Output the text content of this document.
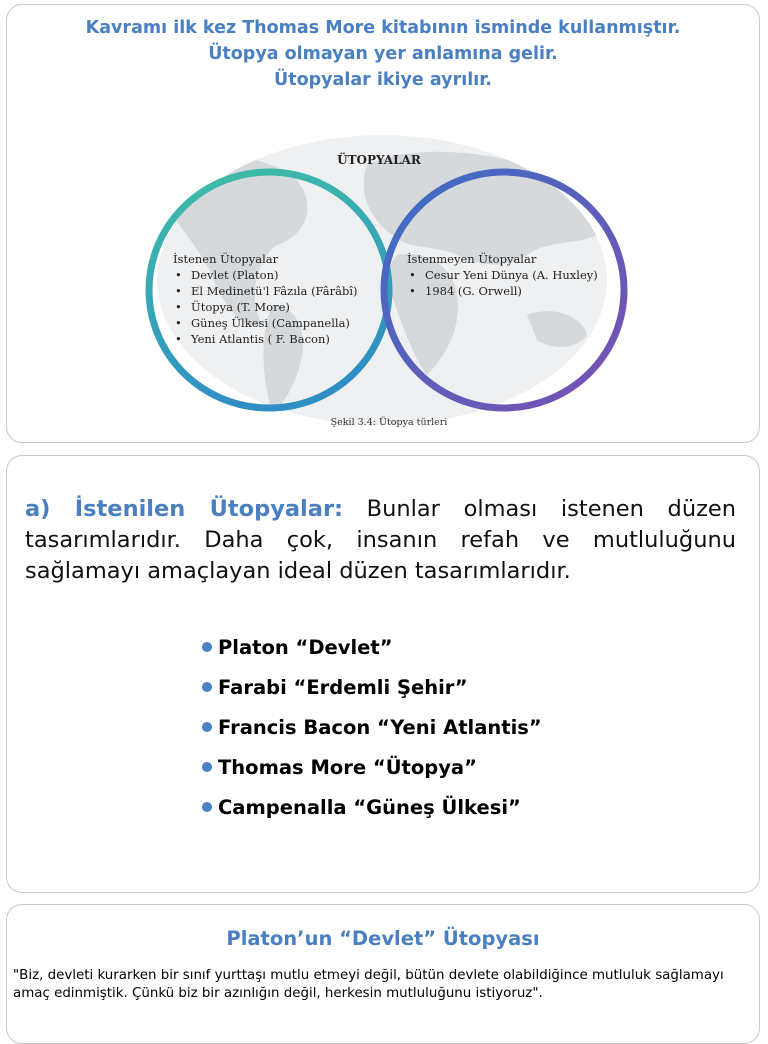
Kavramı ilk kez Thomas More kitabının isminde kullanmıştır.
Ütopya olmayan yer anlamına gelir.
Ütopyalar ikiye ayrılır.
ÜTOPYALAR
İstenen Ütopyalar
• Devlet (Platon)
• El Medinetü'l Fâzıla (Fârâbî)
• Ütopya (T. More)
• Güneş Ülkesi (Campanella)
• Yeni Atlantis ( F. Bacon)
İstenmeyen Ütopyalar
• Cesur Yeni Dünya (A. Huxley)
• 1984 (G. Orwell)
Şekil 3.4: Ütopya türleri

a) İstenilen Ütopyalar: Bunlar olması istenen düzen tasarımlarıdır. Daha çok, insanın refah ve mutluluğunu sağlamayı amaçlayan ideal düzen tasarımlarıdır.

Platon “Devlet”
Farabi “Erdemli Şehir”
Francis Bacon “Yeni Atlantis”
Thomas More “Ütopya”
Campenalla “Güneş Ülkesi”
Platon’un “Devlet” Ütopyası
"Biz, devleti kurarken bir sınıf yurttaşı mutlu etmeyi değil, bütün devlete olabildiğince mutluluk sağlamayı amaç edinmiştik. Çünkü biz bir azınlığın değil, herkesin mutluluğunu istiyoruz".
